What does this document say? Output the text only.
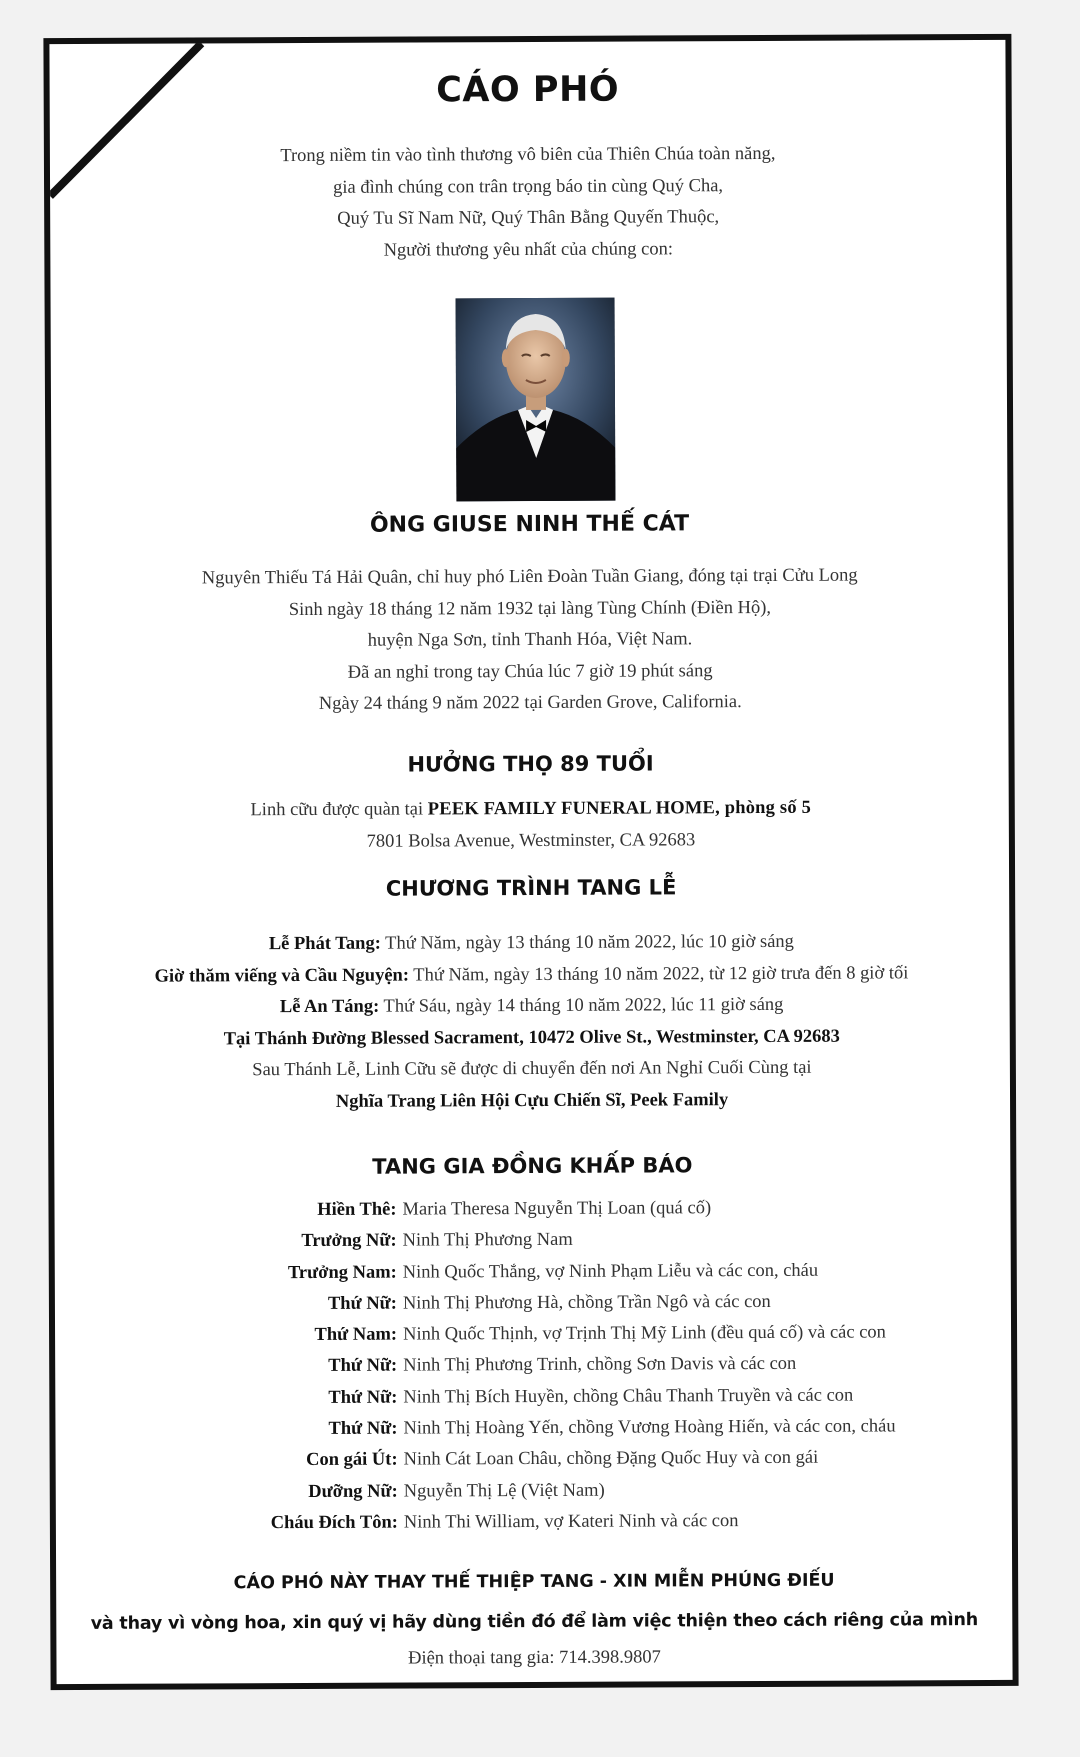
CÁO PHÓ
Trong niềm tin vào tình thương vô biên của Thiên Chúa toàn năng,
gia đình chúng con trân trọng báo tin cùng Quý Cha,
Quý Tu Sĩ Nam Nữ, Quý Thân Bằng Quyến Thuộc,
Người thương yêu nhất của chúng con:
ÔNG GIUSE NINH THẾ CÁT
Nguyên Thiếu Tá Hải Quân, chỉ huy phó Liên Đoàn Tuần Giang, đóng tại trại Cửu Long
Sinh ngày 18 tháng 12 năm 1932 tại làng Tùng Chính (Điền Hộ),
huyện Nga Sơn, tỉnh Thanh Hóa, Việt Nam.
Đã an nghỉ trong tay Chúa lúc 7 giờ 19 phút sáng
Ngày 24 tháng 9 năm 2022 tại Garden Grove, California.
HƯỞNG THỌ 89 TUỔI
Linh cữu được quàn tại PEEK FAMILY FUNERAL HOME, phòng số 5
7801 Bolsa Avenue, Westminster, CA 92683
CHƯƠNG TRÌNH TANG LỄ
Lễ Phát Tang: Thứ Năm, ngày 13 tháng 10 năm 2022, lúc 10 giờ sáng
Giờ thăm viếng và Cầu Nguyện: Thứ Năm, ngày 13 tháng 10 năm 2022, từ 12 giờ trưa đến 8 giờ tối
Lễ An Táng: Thứ Sáu, ngày 14 tháng 10 năm 2022, lúc 11 giờ sáng
Tại Thánh Đường Blessed Sacrament, 10472 Olive St., Westminster, CA 92683
Sau Thánh Lễ, Linh Cữu sẽ được di chuyển đến nơi An Nghỉ Cuối Cùng tại
Nghĩa Trang Liên Hội Cựu Chiến Sĩ, Peek Family
TANG GIA ĐỒNG KHẤP BÁO
Hiền Thê: Maria Theresa Nguyễn Thị Loan (quá cố)
Trưởng Nữ: Ninh Thị Phương Nam
Trưởng Nam: Ninh Quốc Thắng, vợ Ninh Phạm Liễu và các con, cháu
Thứ Nữ: Ninh Thị Phương Hà, chồng Trần Ngô và các con
Thứ Nam: Ninh Quốc Thịnh, vợ Trịnh Thị Mỹ Linh (đều quá cố) và các con
Thứ Nữ: Ninh Thị Phương Trinh, chồng Sơn Davis và các con
Thứ Nữ: Ninh Thị Bích Huyền, chồng Châu Thanh Truyền và các con
Thứ Nữ: Ninh Thị Hoàng Yến, chồng Vương Hoàng Hiến, và các con, cháu
Con gái Út: Ninh Cát Loan Châu, chồng Đặng Quốc Huy và con gái
Dưỡng Nữ: Nguyễn Thị Lệ (Việt Nam)
Cháu Đích Tôn: Ninh Thi William, vợ Kateri Ninh và các con
CÁO PHÓ NÀY THAY THẾ THIỆP TANG - XIN MIỄN PHÚNG ĐIẾU
và thay vì vòng hoa, xin quý vị hãy dùng tiền đó để làm việc thiện theo cách riêng của mình
Điện thoại tang gia: 714.398.9807
